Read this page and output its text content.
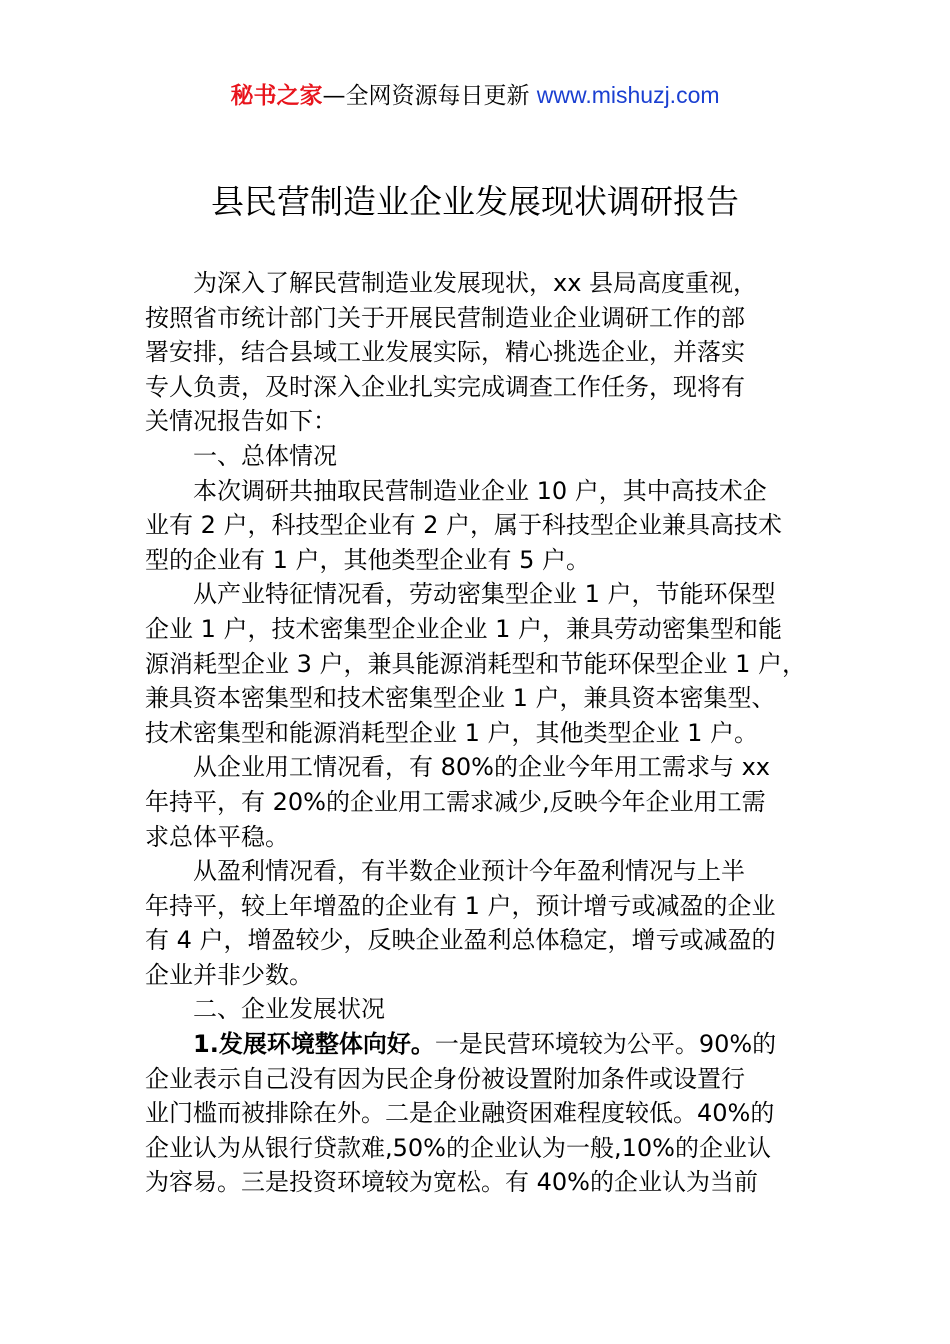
秘书之家—全网资源每日更新 www.mishuzj.com
县民营制造业企业发展现状调研报告
为深入了解民营制造业发展现状，xx 县局高度重视，
按照省市统计部门关于开展民营制造业企业调研工作的部
署安排，结合县域工业发展实际，精心挑选企业，并落实
专人负责，及时深入企业扎实完成调查工作任务，现将有
关情况报告如下：
一、总体情况
本次调研共抽取民营制造业企业 10 户，其中高技术企
业有 2 户，科技型企业有 2 户，属于科技型企业兼具高技术
型的企业有 1 户，其他类型企业有 5 户。
从产业特征情况看，劳动密集型企业 1 户，节能环保型
企业 1 户，技术密集型企业企业 1 户，兼具劳动密集型和能
源消耗型企业 3 户，兼具能源消耗型和节能环保型企业 1 户，
兼具资本密集型和技术密集型企业 1 户，兼具资本密集型、
技术密集型和能源消耗型企业 1 户，其他类型企业 1 户。
从企业用工情况看，有 80%的企业今年用工需求与 xx
年持平，有 20%的企业用工需求减少,反映今年企业用工需
求总体平稳。
从盈利情况看，有半数企业预计今年盈利情况与上半
年持平，较上年增盈的企业有 1 户，预计增亏或减盈的企业
有 4 户，增盈较少，反映企业盈利总体稳定，增亏或减盈的
企业并非少数。
二、企业发展状况
1.发展环境整体向好。一是民营环境较为公平。90%的
企业表示自己没有因为民企身份被设置附加条件或设置行
业门槛而被排除在外。二是企业融资困难程度较低。40%的
企业认为从银行贷款难,50%的企业认为一般,10%的企业认
为容易。三是投资环境较为宽松。有 40%的企业认为当前
